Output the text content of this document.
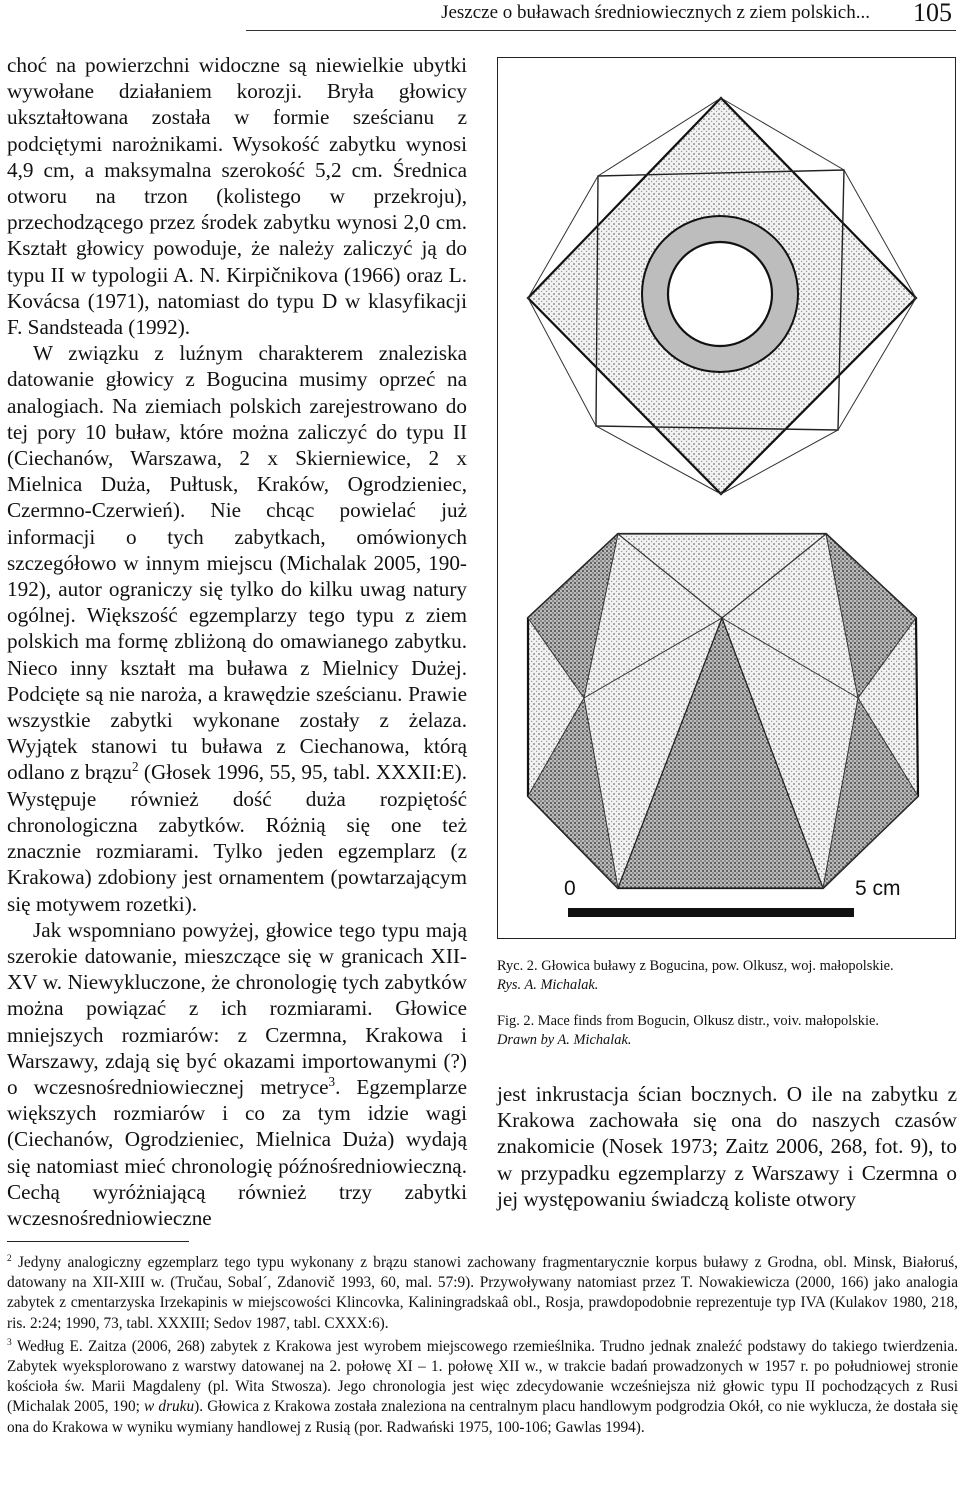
Jeszcze o buławach średniowiecznych z ziem polskich... 105

choć na powierzchni widoczne są niewielkie ubytki wywołane działaniem korozji. Bryła głowicy ukształtowana została w formie sześcianu z podciętymi narożnikami. Wysokość zabytku wynosi 4,9 cm, a maksymalna szerokość 5,2 cm. Średnica otworu na trzon (kolistego w przekroju), przechodzącego przez środek zabytku wynosi 2,0 cm. Kształt głowicy powoduje, że należy zaliczyć ją do typu II w typologii A. N. Kirpičnikova (1966) oraz L. Kovácsa (1971), natomiast do typu D w klasyfikacji F. Sandsteada (1992).

W związku z luźnym charakterem znaleziska datowanie głowicy z Bogucina musimy oprzeć na analogiach. Na ziemiach polskich zarejestrowano do tej pory 10 buław, które można zaliczyć do typu II (Ciechanów, Warszawa, 2 x Skierniewice, 2 x Mielnica Duża, Pułtusk, Kraków, Ogrodzieniec, Czermno-Czerwień). Nie chcąc powielać już informacji o tych zabytkach, omówionych szczegółowo w innym miejscu (Michalak 2005, 190-192), autor ograniczy się tylko do kilku uwag natury ogólnej. Większość egzemplarzy tego typu z ziem polskich ma formę zbliżoną do omawianego zabytku. Nieco inny kształt ma buława z Mielnicy Dużej. Podcięte są nie naroża, a krawędzie sześcianu. Prawie wszystkie zabytki wykonane zostały z żelaza. Wyjątek stanowi tu buława z Ciechanowa, którą odlano z brązu$^2$ (Głosek 1996, 55, 95, tabl. XXXII:E). Występuje również dość duża rozpiętość chronologiczna zabytków. Różnią się one też znacznie rozmiarami. Tylko jeden egzemplarz (z Krakowa) zdobiony jest ornamentem (powtarzającym się motywem rozetki).

Jak wspomniano powyżej, głowice tego typu mają szerokie datowanie, mieszczące się w granicach XII-XV w. Niewykluczone, że chronologię tych zabytków można powiązać z ich rozmiarami. Głowice mniejszych rozmiarów: z Czermna, Krakowa i Warszawy, zdają się być okazami importowanymi (?) o wczesnośredniowiecznej metryce$^3$. Egzemplarze większych rozmiarów i co za tym idzie wagi (Ciechanów, Ogrodzieniec, Mielnica Duża) wydają się natomiast mieć chronologię późnośredniowieczną. Cechą wyróżniającą również trzy zabytki wczesnośredniowieczne

0	5 cm

Ryc. 2. Głowica buławy z Bogucina, pow. Olkusz, woj. małopolskie.

Rys. A. Michalak.

Fig. 2. Mace finds from Bogucin, Olkusz distr., voiv. małopolskie.

Drawn by A. Michalak.

jest inkrustacja ścian bocznych. O ile na zabytku z Krakowa zachowała się ona do naszych czasów znakomicie (Nosek 1973; Zaitz 2006, 268, fot. 9), to w przypadku egzemplarzy z Warszawy i Czermna o jej występowaniu świadczą koliste otwory

$^2$ Jedyny analogiczny egzemplarz tego typu wykonany z brązu stanowi zachowany fragmentarycznie korpus buławy z Grodna, obl. Minsk, Białoruś, datowany na XII-XIII w. (Tručau, Sobal´, Zdanovič 1993, 60, mal. 57:9). Przywoływany natomiast przez T. Nowakiewicza (2000, 166) jako analogia zabytek z cmentarzyska Irzekapinis w miejscowości Klincovka, Kaliningradskaâ obl., Rosja, prawdopodobnie reprezentuje typ IVA (Kulakov 1980, 218, ris. 2:24; 1990, 73, tabl. XXXIII; Sedov 1987, tabl. CXXX:6).

$^3$ Według E. Zaitza (2006, 268) zabytek z Krakowa jest wyrobem miejscowego rzemieślnika. Trudno jednak znaleźć podstawy do takiego twierdzenia. Zabytek wyeksplorowano z warstwy datowanej na 2. połowę XI – 1. połowę XII w., w trakcie badań prowadzonych w 1957 r. po południowej stronie kościoła św. Marii Magdaleny (pl. Wita Stwosza). Jego chronologia jest więc zdecydowanie wcześniejsza niż głowic typu II pochodzących z Rusi (Michalak 2005, 190; w druku). Głowica z Krakowa została znaleziona na centralnym placu handlowym podgrodzia Okół, co nie wyklucza, że dostała się ona do Krakowa w wyniku wymiany handlowej z Rusią (por. Radwański 1975, 100-106; Gawlas 1994).
